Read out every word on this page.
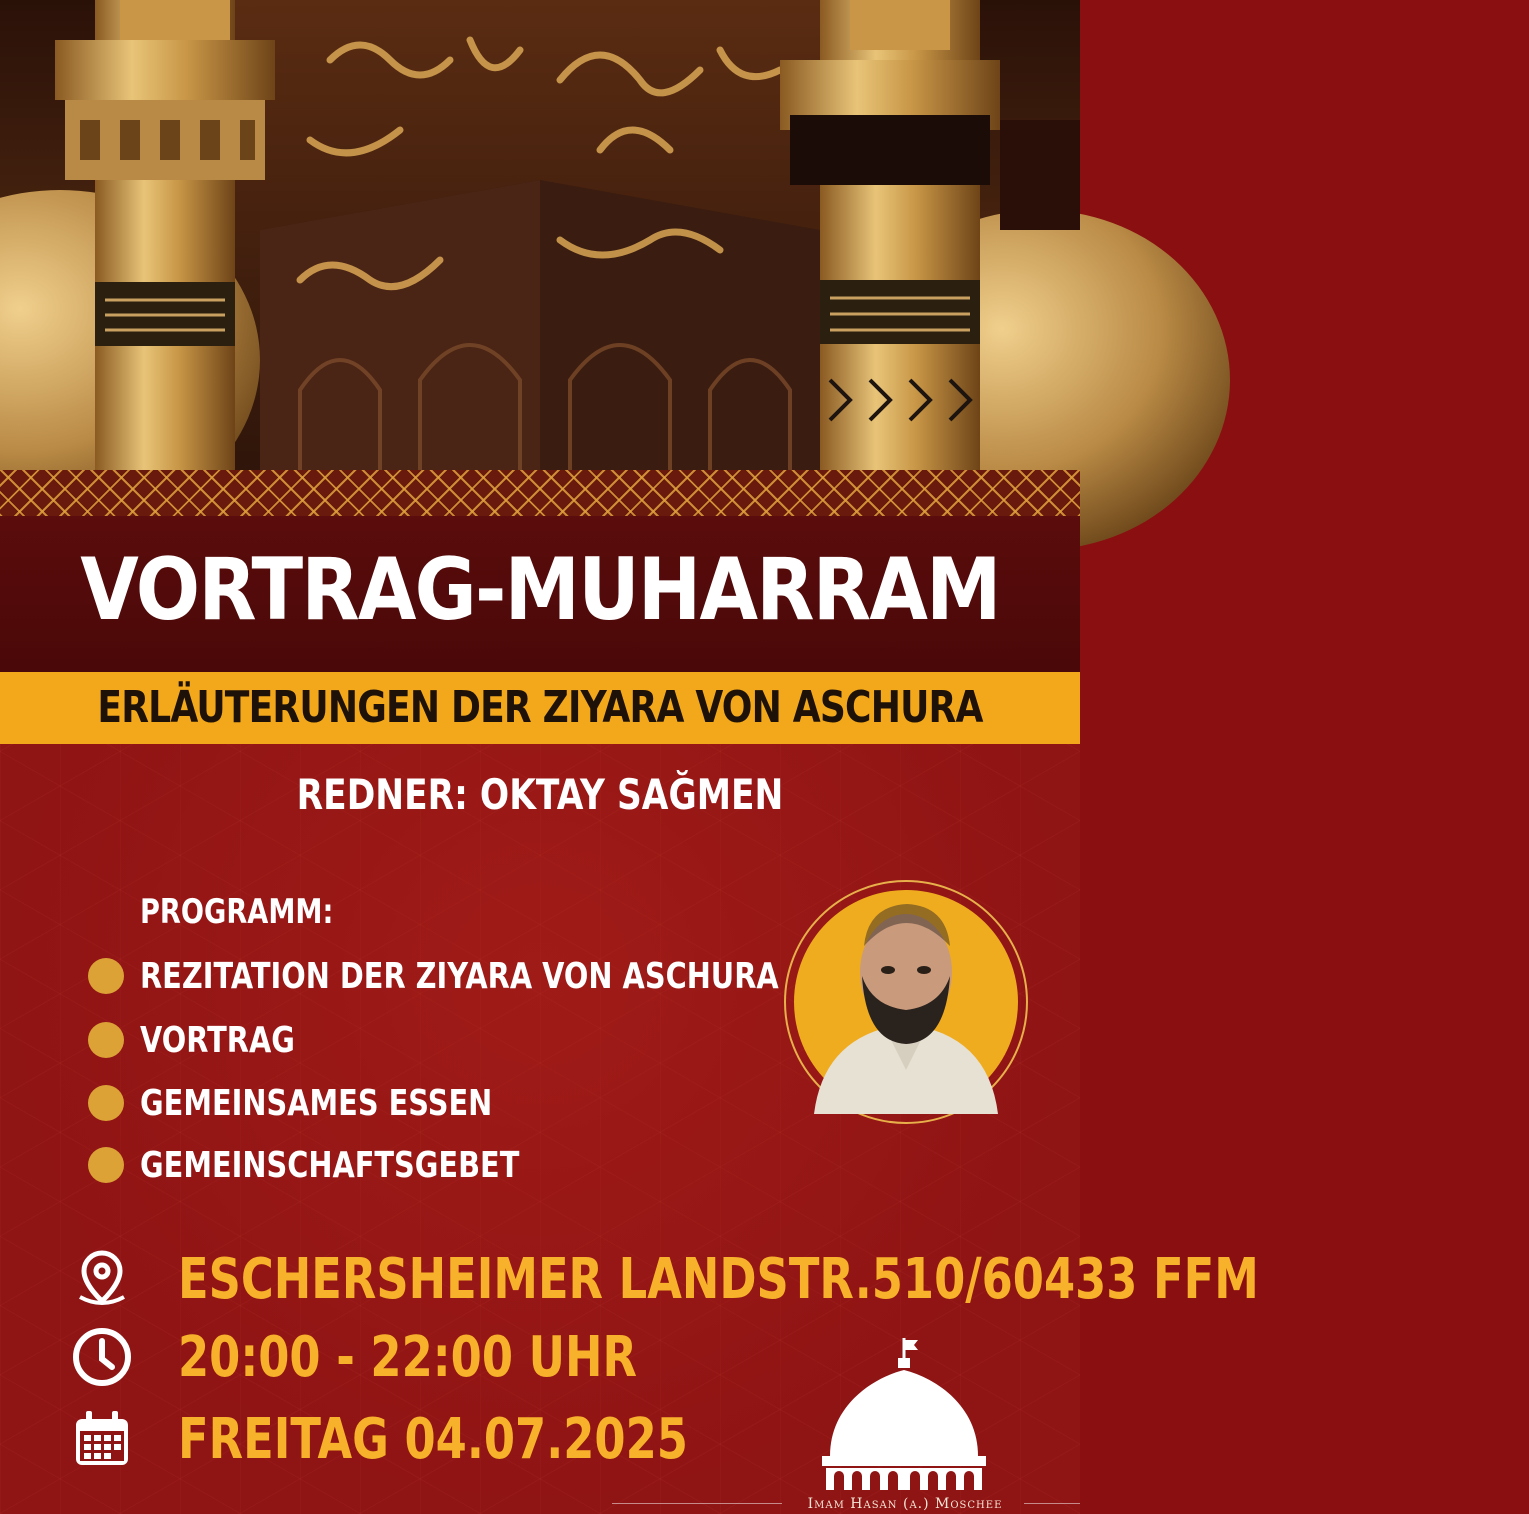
VORTRAG-MUHARRAM
ERLÄUTERUNGEN DER ZIYARA VON ASCHURA
REDNER: OKTAY SAĞMEN
PROGRAMM:
REZITATION DER ZIYARA VON ASCHURA
VORTRAG
GEMEINSAMES ESSEN
GEMEINSCHAFTSGEBET
ESCHERSHEIMER LANDSTR.510/60433 FFM
20:00 - 22:00 UHR
FREITAG 04.07.2025
Imam Hasan (a.) Moschee
